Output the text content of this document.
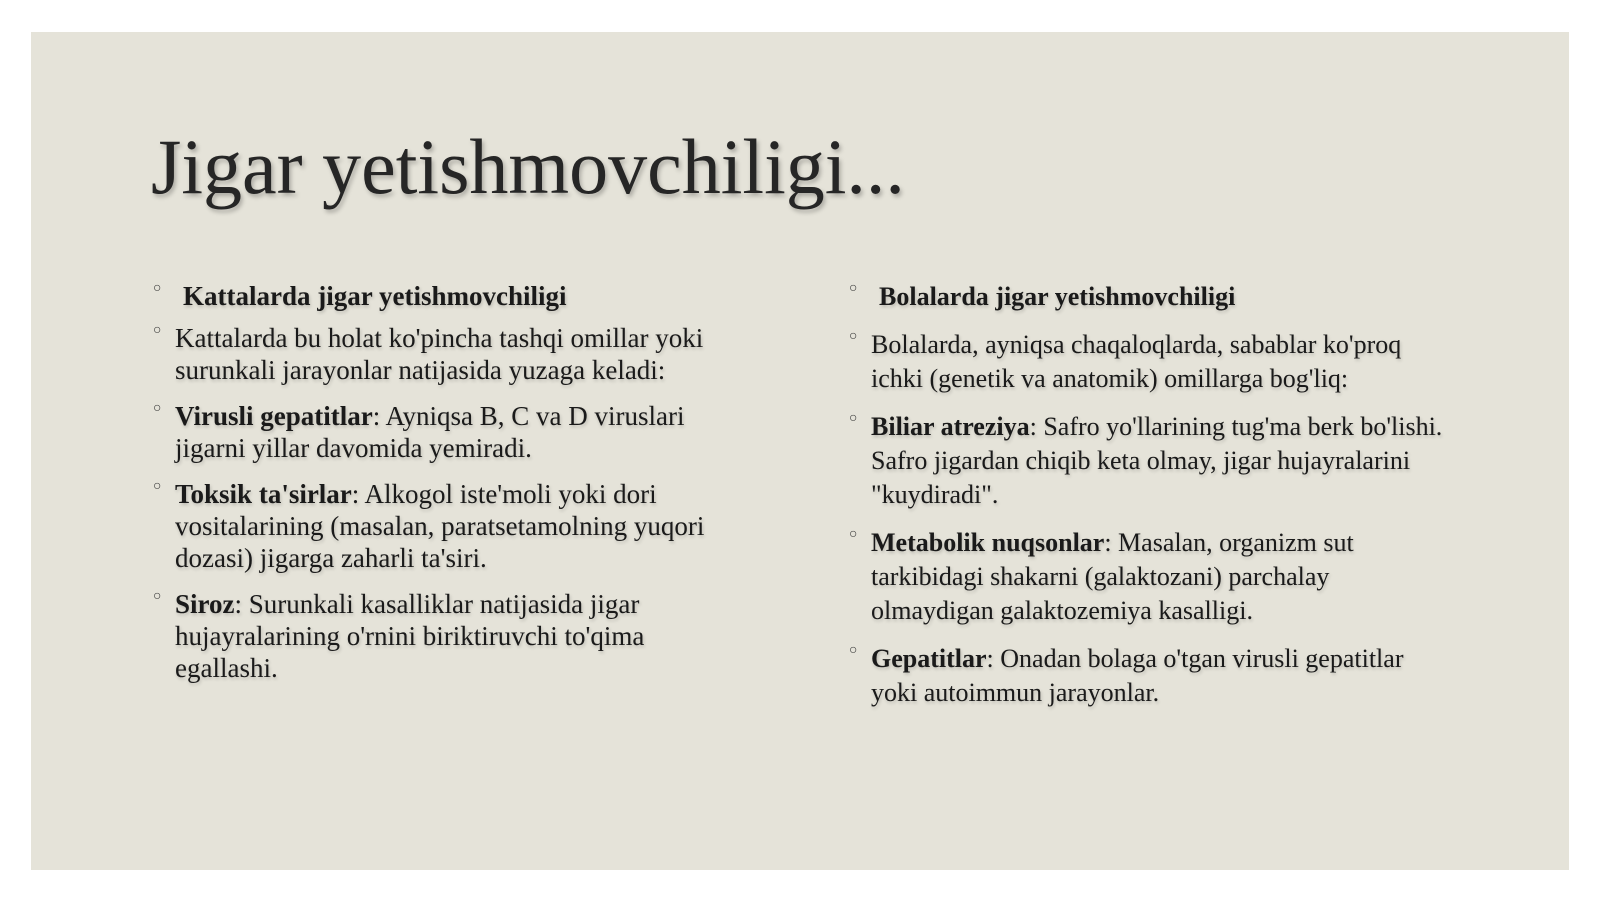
Jigar yetishmovchiligi...
○ Kattalarda jigar yetishmovchiligi
○ Kattalarda bu holat ko'pincha tashqi omillar yoki surunkali jarayonlar natijasida yuzaga keladi:
○ Virusli gepatitlar: Ayniqsa B, C va D viruslari jigarni yillar davomida yemiradi.
○ Toksik ta'sirlar: Alkogol iste'moli yoki dori vositalarining (masalan, paratsetamolning yuqori dozasi) jigarga zaharli ta'siri.
○ Siroz: Surunkali kasalliklar natijasida jigar hujayralarining o'rnini biriktiruvchi to'qima egallashi.
○ Bolalarda jigar yetishmovchiligi
○ Bolalarda, ayniqsa chaqaloqlarda, sabablar ko'proq ichki (genetik va anatomik) omillarga bog'liq:
○ Biliar atreziya: Safro yo'llarining tug'ma berk bo'lishi. Safro jigardan chiqib keta olmay, jigar hujayralarini "kuydiradi".
○ Metabolik nuqsonlar: Masalan, organizm sut tarkibidagi shakarni (galaktozani) parchalay olmaydigan galaktozemiya kasalligi.
○ Gepatitlar: Onadan bolaga o'tgan virusli gepatitlar yoki autoimmun jarayonlar.
